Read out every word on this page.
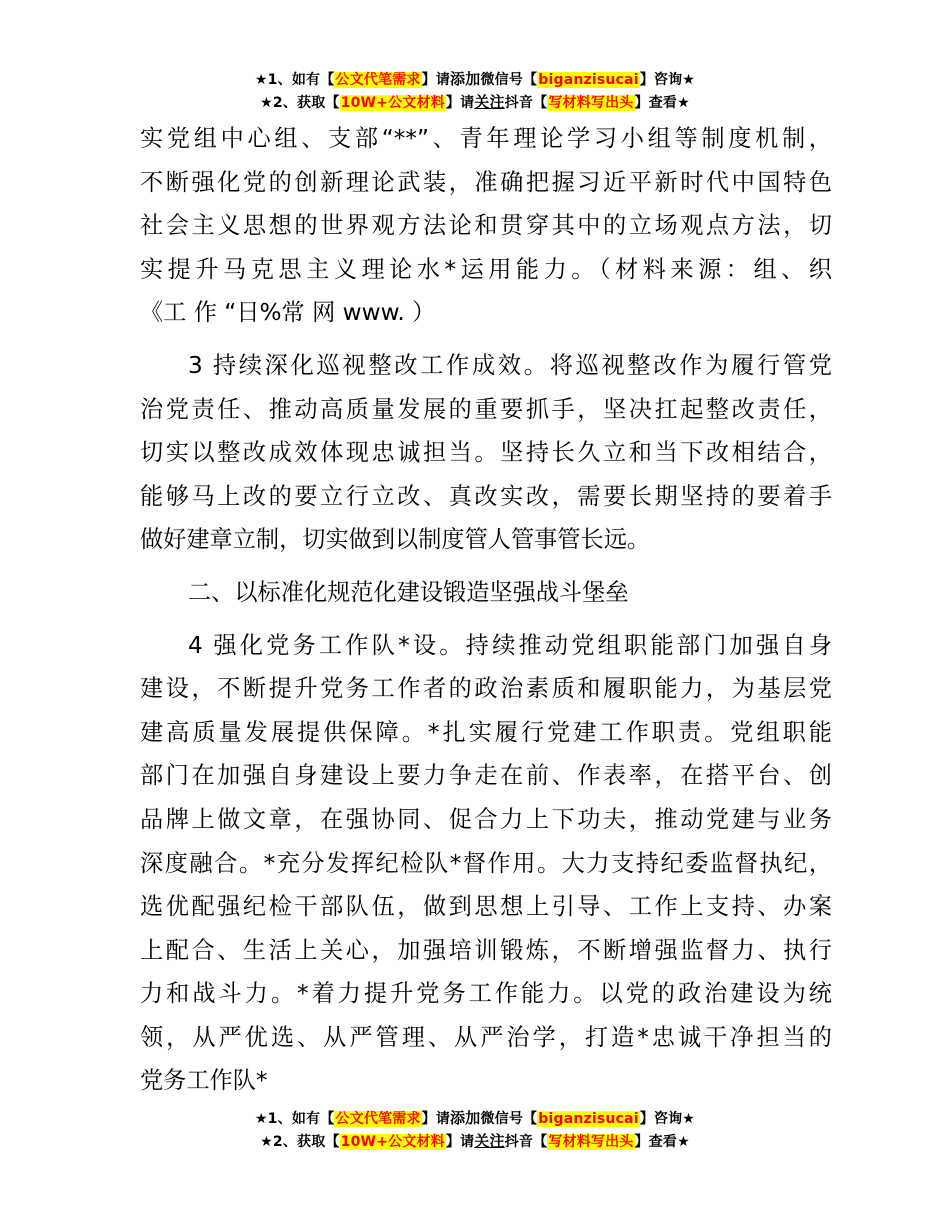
★1、如有【公文代笔需求】请添加微信号【biganzisucai】咨询★
★2、获取【10W+公文材料】请关注抖音【写材料写出头】查看★
实党组中心组、支部“**”、青年理论学习小组等制度机制，
不断强化党的创新理论武装，准确把握习近平新时代中国特色
社会主义思想的世界观方法论和贯穿其中的立场观点方法，切
实提升马克思主义理论水*运用能力。（材料来源：组、织
《工 作 “日%常 网 www. ）
3 持续深化巡视整改工作成效。将巡视整改作为履行管党
治党责任、推动高质量发展的重要抓手，坚决扛起整改责任，
切实以整改成效体现忠诚担当。坚持长久立和当下改相结合，
能够马上改的要立行立改、真改实改，需要长期坚持的要着手
做好建章立制，切实做到以制度管人管事管长远。
二、以标准化规范化建设锻造坚强战斗堡垒
4 强化党务工作队*设。持续推动党组职能部门加强自身
建设，不断提升党务工作者的政治素质和履职能力，为基层党
建高质量发展提供保障。*扎实履行党建工作职责。党组职能
部门在加强自身建设上要力争走在前、作表率，在搭平台、创
品牌上做文章，在强协同、促合力上下功夫，推动党建与业务
深度融合。*充分发挥纪检队*督作用。大力支持纪委监督执纪，
选优配强纪检干部队伍，做到思想上引导、工作上支持、办案
上配合、生活上关心，加强培训锻炼，不断增强监督力、执行
力和战斗力。*着力提升党务工作能力。以党的政治建设为统
领，从严优选、从严管理、从严治学，打造*忠诚干净担当的
党务工作队*
★1、如有【公文代笔需求】请添加微信号【biganzisucai】咨询★
★2、获取【10W+公文材料】请关注抖音【写材料写出头】查看★
